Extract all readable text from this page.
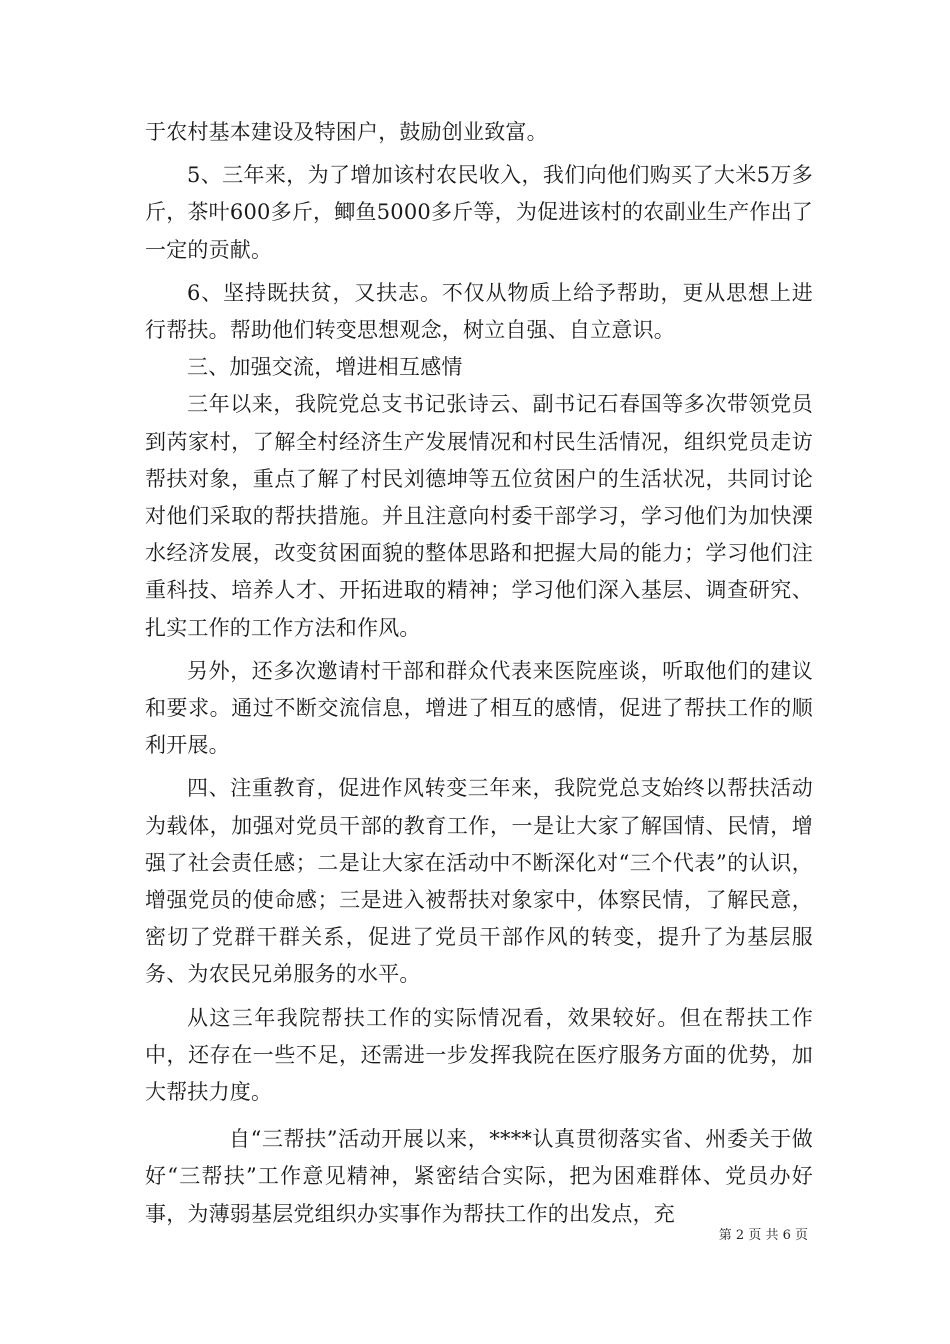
于农村基本建设及特困户，鼓励创业致富。

5、三年来，为了增加该村农民收入，我们向他们购买了大米5万多斤，茶叶600多斤，鲫鱼5000多斤等，为促进该村的农副业生产作出了一定的贡献。

6、坚持既扶贫，又扶志。不仅从物质上给予帮助，更从思想上进行帮扶。帮助他们转变思想观念，树立自强、自立意识。

三、加强交流，增进相互感情

三年以来，我院党总支书记张诗云、副书记石春国等多次带领党员到芮家村，了解全村经济生产发展情况和村民生活情况，组织党员走访帮扶对象，重点了解了村民刘德坤等五位贫困户的生活状况，共同讨论对他们采取的帮扶措施。并且注意向村委干部学习，学习他们为加快溧水经济发展，改变贫困面貌的整体思路和把握大局的能力；学习他们注重科技、培养人才、开拓进取的精神；学习他们深入基层、调查研究、扎实工作的工作方法和作风。

另外，还多次邀请村干部和群众代表来医院座谈，听取他们的建议和要求。通过不断交流信息，增进了相互的感情，促进了帮扶工作的顺利开展。

四、注重教育，促进作风转变三年来，我院党总支始终以帮扶活动为载体，加强对党员干部的教育工作，一是让大家了解国情、民情，增强了社会责任感；二是让大家在活动中不断深化对“三个代表”的认识，增强党员的使命感；三是进入被帮扶对象家中，体察民情，了解民意，密切了党群干群关系，促进了党员干部作风的转变，提升了为基层服务、为农民兄弟服务的水平。

从这三年我院帮扶工作的实际情况看，效果较好。但在帮扶工作中，还存在一些不足，还需进一步发挥我院在医疗服务方面的优势，加大帮扶力度。

自“三帮扶”活动开展以来，****认真贯彻落实省、州委关于做好“三帮扶”工作意见精神，紧密结合实际，把为困难群体、党员办好事，为薄弱基层党组织办实事作为帮扶工作的出发点，充

第 2 页 共 6 页
